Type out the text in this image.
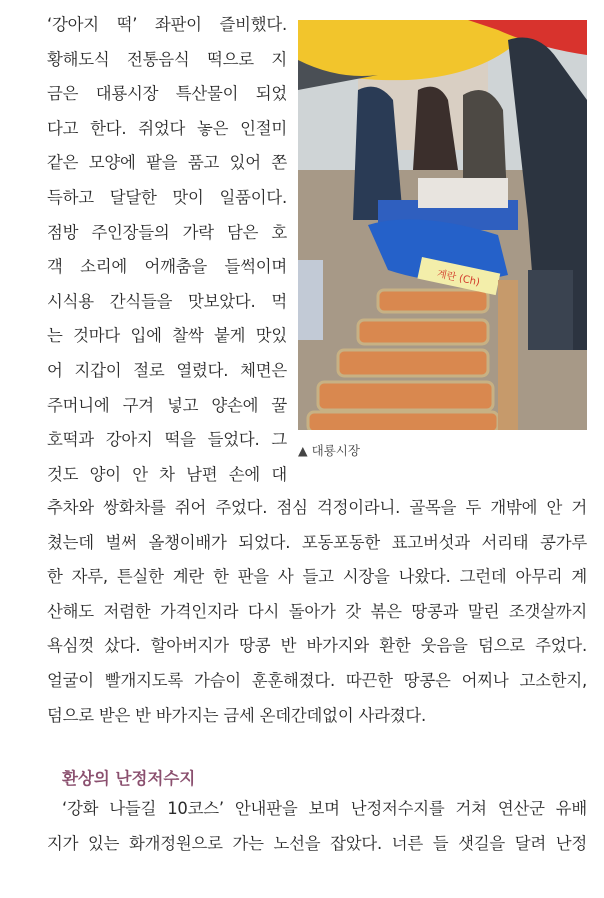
‘강아지 떡’ 좌판이 즐비했다.
황해도식 전통음식 떡으로 지
금은 대룡시장 특산물이 되었
다고 한다. 쥐었다 놓은 인절미
같은 모양에 팥을 품고 있어 쫀
득하고 달달한 맛이 일품이다.
점방 주인장들의 가락 담은 호
객 소리에 어깨춤을 들썩이며
시식용 간식들을 맛보았다. 먹
는 것마다 입에 찰싹 붙게 맛있
어 지갑이 절로 열렸다. 체면은
주머니에 구겨 넣고 양손에 꿀
호떡과 강아지 떡을 들었다. 그
것도 양이 안 차 남편 손에 대
계란 (Ch)
▲ 대룡시장
추차와 쌍화차를 쥐어 주었다. 점심 걱정이라니. 골목을 두 개밖에 안 거
쳤는데 벌써 올챙이배가 되었다. 포동포동한 표고버섯과 서리태 콩가루
한 자루, 튼실한 계란 한 판을 사 들고 시장을 나왔다. 그런데 아무리 계
산해도 저렴한 가격인지라 다시 돌아가 갓 볶은 땅콩과 말린 조갯살까지
욕심껏 샀다. 할아버지가 땅콩 반 바가지와 환한 웃음을 덤으로 주었다.
얼굴이 빨개지도록 가슴이 훈훈해졌다. 따끈한 땅콩은 어찌나 고소한지,
덤으로 받은 반 바가지는 금세 온데간데없이 사라졌다.
환상의 난정저수지
‘강화 나들길 10코스’ 안내판을 보며 난정저수지를 거쳐 연산군 유배
지가 있는 화개정원으로 가는 노선을 잡았다. 너른 들 샛길을 달려 난정
